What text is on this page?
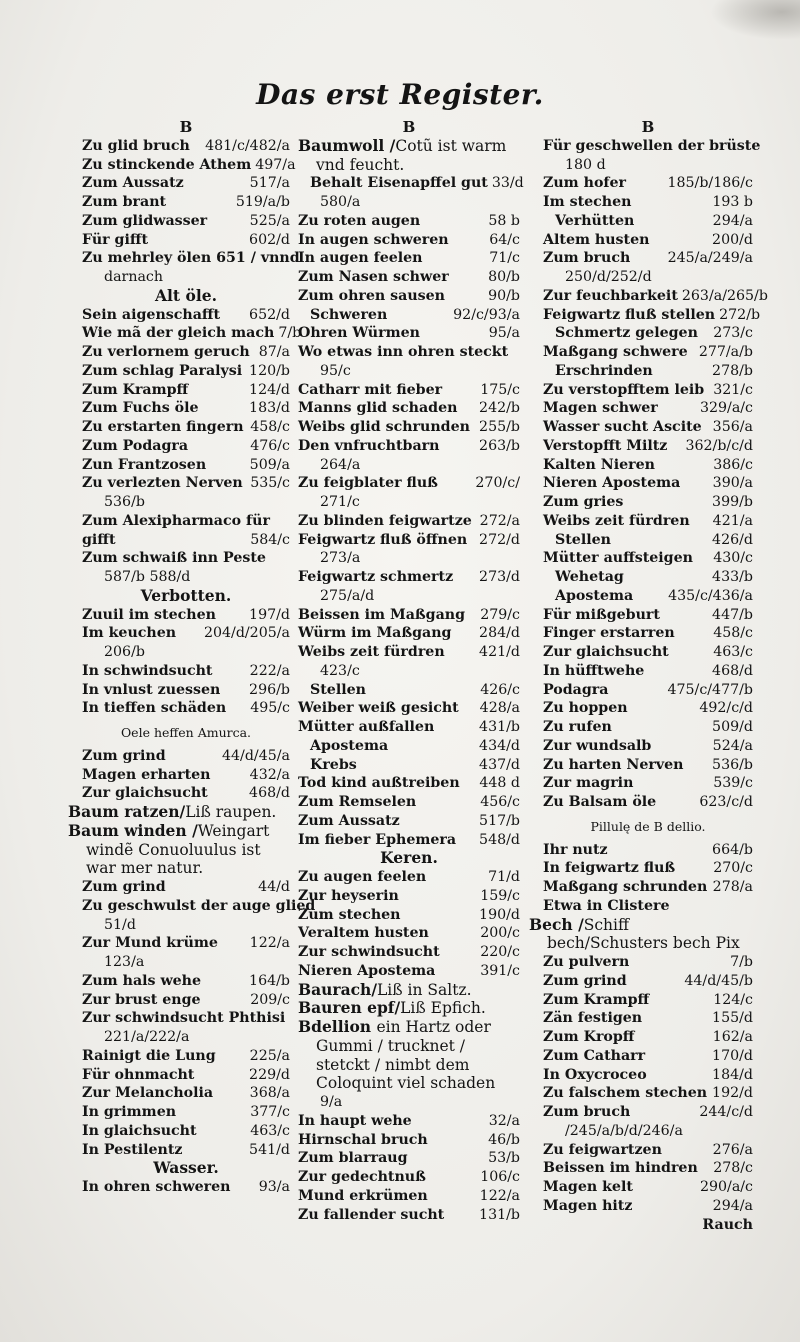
Das erst Register.
B
Zu glid bruch 481/c/482/a
Zu stinckende Athem 497/a
Zum Aussatz	517/a
Zum brant	519/a/b
Zum glidwasser	525/a
Für gifft	602/d
Zu mehrley ölen 651 / vnnd
darnach
Alt öle.
Sein aigenschafft 652/d
Wie mã der gleich mach 7/b
Zu verlornem geruch 87/a
Zum schlag Paralysi 120/b
Zum Krampff	124/d
Zum Fuchs öle	183/d
Zu erstarten fingern 458/c
Zum Podagra	476/c
Zun Frantzosen	509/a
Zu verlezten Nerven 535/c
536/b
Zum Alexipharmaco für
gifft	584/c
Zum schwaiß inn Peste
587/b 588/d
Verbotten.
Zuuil im stechen 197/d
Im keuchen 204/d/205/a
206/b
In schwindsucht	222/a
In vnlust zuessen 296/b
In tieffen schäden 495/c
Oele heffen Amurca.
Zum grind	44/d/45/a
Magen erharten	432/a
Zur glaichsucht	468/d
Baum ratzen/Liß raupen.
Baum winden /Weingart windẽ Conuoluulus ist war mer natur.
Zum grind	44/d
Zu geschwulst der auge glied
51/d
Zur Mund krüme 122/a
123/a
Zum hals wehe	164/b
Zur brust enge	209/c
Zur schwindsucht Phthisi
221/a/222/a
Rainigt die Lung 225/a
Für ohnmacht	229/d
Zur Melancholia	368/a
In grimmen	377/c
In glaichsucht	463/c
In Pestilentz	541/d
Wasser.
In ohren schweren 93/a
B
Baumwoll /Cotũ ist warm vnd feucht.
Behalt Eisenapffel gut 33/d
580/a
Zu roten augen	58 b
In augen schweren	64/c
In augen feelen	71/c
Zum Nasen schwer	80/b
Zum ohren sausen	90/b
Schweren	92/c/93/a
Ohren Würmen	95/a
Wo etwas inn ohren steckt
95/c
Catharr mit fieber	175/c
Manns glid schaden 242/b
Weibs glid schrunden 255/b
Den vnfruchtbarn	263/b
264/a
Zu feigblater fluß	270/c/
271/c
Zu blinden feigwartze 272/a
Feigwartz fluß öffnen 272/d
273/a
Feigwartz schmertz 273/d
275/a/d
Beissen im Maßgang 279/c
Würm im Maßgang 284/d
Weibs zeit fürdren 421/d
423/c
Stellen	426/c
Weiber weiß gesicht 428/a
Mütter außfallen	431/b
Apostema	434/d
Krebs	437/d
Tod kind außtreiben 448 d
Zum Remselen	456/c
Zum Aussatz	517/b
Im fieber Ephemera 548/d
Keren.
Zu augen feelen	71/d
Zur heyserin	159/c
Zum stechen	190/d
Veraltem husten	200/c
Zur schwindsucht	220/c
Nieren Apostema	391/c
Baurach/Liß in Saltz.
Bauren epf/Liß Epfich.
Bdellion ein Hartz oder Gummi / trucknet / stetckt / nimbt dem Coloquint viel schaden
9/a
In haupt wehe	32/a
Hirnschal bruch	46/b
Zum blarraug	53/b
Zur gedechtnuß	106/c
Mund erkrümen	122/a
Zu fallender sucht 131/b
B
Für geschwellen der brüste
180 d
Zum hofer	185/b/186/c
Im stechen	193 b
Verhütten	294/a
Altem husten	200/d
Zum bruch	245/a/249/a
250/d/252/d
Zur feuchbarkeit 263/a/265/b
Feigwartz fluß stellen 272/b
Schmertz gelegen 273/c
Maßgang schwere 277/a/b
Erschrinden	278/b
Zu verstopfftem leib 321/c
Magen schwer	329/a/c
Wasser sucht Ascite 356/a
Verstopfft Miltz 362/b/c/d
Kalten Nieren	386/c
Nieren Apostema 390/a
Zum gries	399/b
Weibs zeit fürdren 421/a
Stellen	426/d
Mütter auffsteigen 430/c
Wehetag	433/b
Apostema 435/c/436/a
Für mißgeburt	447/b
Finger erstarren	458/c
Zur glaichsucht	463/c
In hüfftwehe	468/d
Podagra	475/c/477/b
Zu hoppen	492/c/d
Zu rufen	509/d
Zur wundsalb	524/a
Zu harten Nerven 536/b
Zur magrin	539/c
Zu Balsam öle	623/c/d
Pillulę de B dellio.
Ihr nutz	664/b
In feigwartz fluß	270/c
Maßgang schrunden 278/a
Etwa in Clistere
Bech /Schiff bech/Schusters bech Pix
Zu pulvern	7/b
Zum grind	44/d/45/b
Zum Krampff	124/c
Zän festigen	155/d
Zum Kropff	162/a
Zum Catharr	170/d
In Oxycroceo	184/d
Zu falschem stechen 192/d
Zum bruch	244/c/d
/245/a/b/d/246/a
Zu feigwartzen	276/a
Beissen im hindren 278/c
Magen kelt	290/a/c
Magen hitz	294/a
Rauch
